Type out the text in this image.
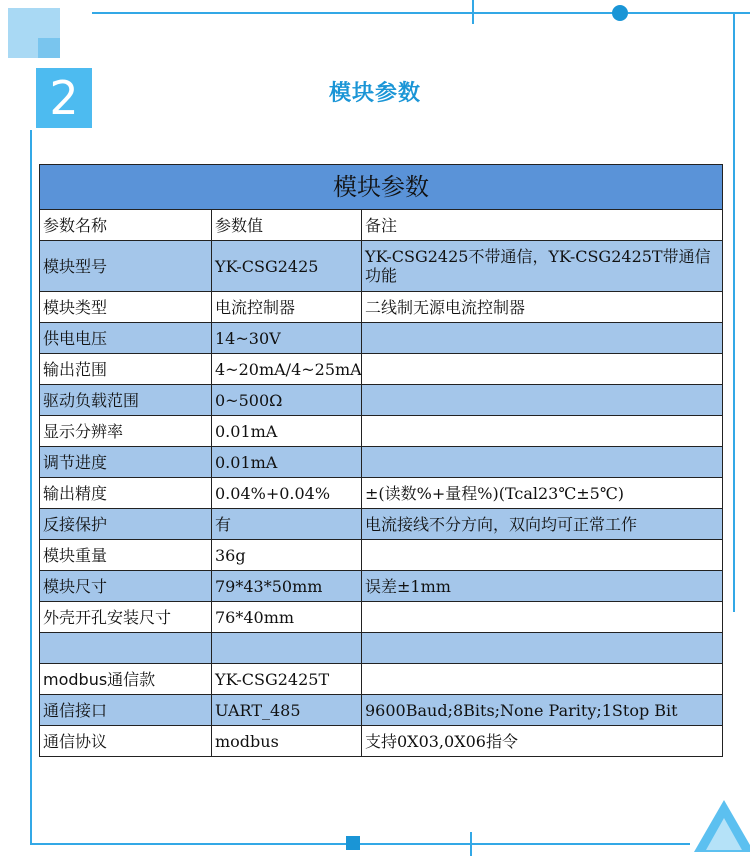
2	模块参数
模块参数		
参数名称	参数值	备注
模块型号	YK-CSG2425	YK-CSG2425不带通信，YK-CSG2425T带通信功能
模块类型	电流控制器	二线制无源电流控制器
供电电压	14~30V	
输出范围	4~20mA/4~25mA	
驱动负载范围	0~500Ω	
显示分辨率	0.01mA	
调节进度	0.01mA	
输出精度	0.04%+0.04%	±(读数%+量程%)(Tcal23℃±5℃)
反接保护	有	电流接线不分方向，双向均可正常工作
模块重量	36g	
模块尺寸	79*43*50mm	误差±1mm
外壳开孔安装尺寸	76*40mm	

modbus通信款	YK-CSG2425T	
通信接口	UART_485	9600Baud;8Bits;None Parity;1Stop Bit
通信协议	modbus	支持0X03,0X06指令
